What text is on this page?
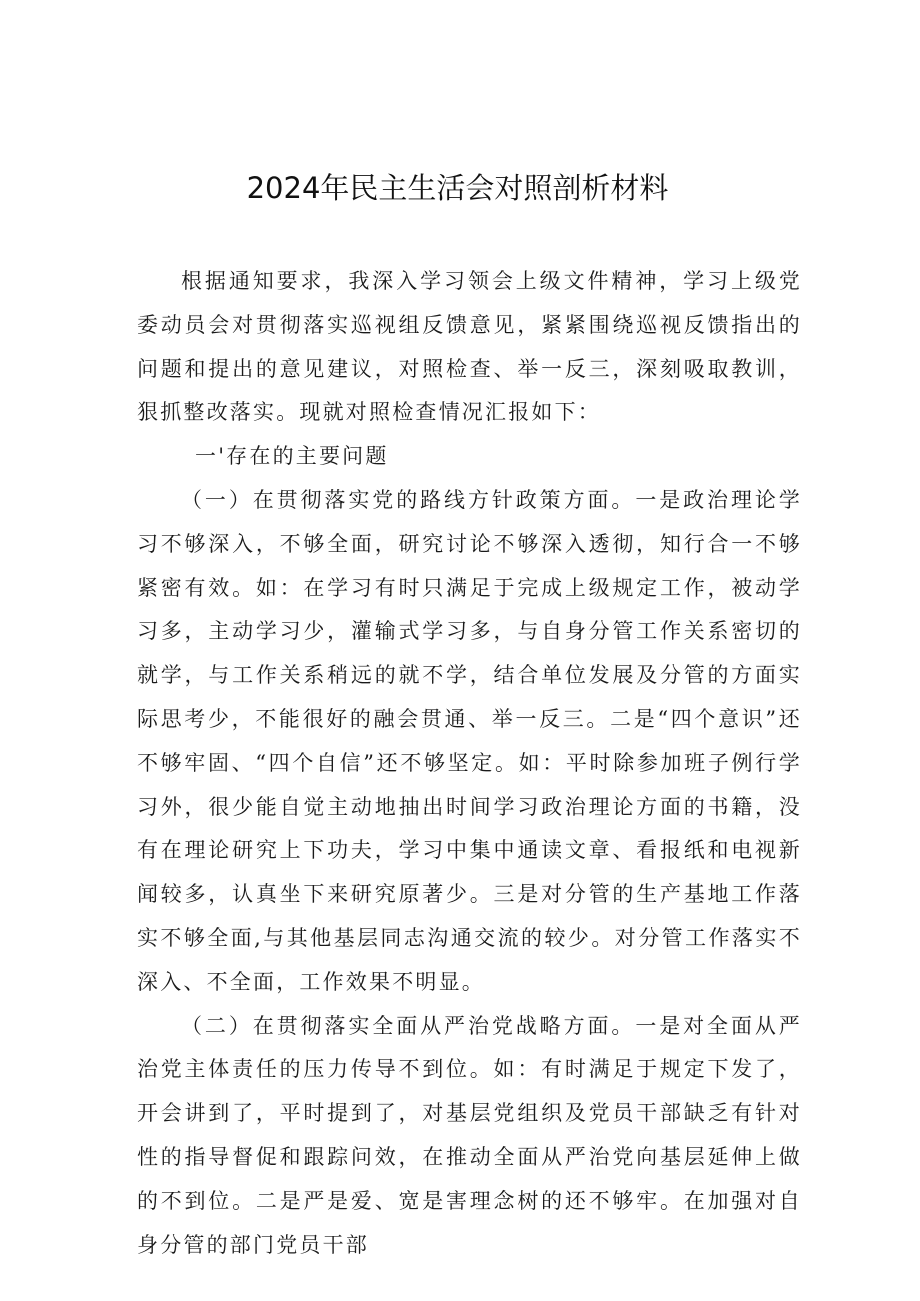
2024年民主生活会对照剖析材料

根据通知要求，我深入学习领会上级文件精神，学习上级党委动员会对贯彻落实巡视组反馈意见，紧紧围绕巡视反馈指出的问题和提出的意见建议，对照检查、举一反三，深刻吸取教训，狠抓整改落实。现就对照检查情况汇报如下：

一'存在的主要问题

（一）在贯彻落实党的路线方针政策方面。一是政治理论学习不够深入，不够全面，研究讨论不够深入透彻，知行合一不够紧密有效。如：在学习有时只满足于完成上级规定工作，被动学习多，主动学习少，灌输式学习多，与自身分管工作关系密切的就学，与工作关系稍远的就不学，结合单位发展及分管的方面实际思考少，不能很好的融会贯通、举一反三。二是“四个意识”还不够牢固、“四个自信”还不够坚定。如：平时除参加班子例行学习外，很少能自觉主动地抽出时间学习政治理论方面的书籍，没有在理论研究上下功夫，学习中集中通读文章、看报纸和电视新闻较多，认真坐下来研究原著少。三是对分管的生产基地工作落实不够全面,与其他基层同志沟通交流的较少。对分管工作落实不深入、不全面，工作效果不明显。

（二）在贯彻落实全面从严治党战略方面。一是对全面从严治党主体责任的压力传导不到位。如：有时满足于规定下发了，开会讲到了，平时提到了，对基层党组织及党员干部缺乏有针对性的指导督促和跟踪问效，在推动全面从严治党向基层延伸上做的不到位。二是严是爱、宽是害理念树的还不够牢。在加强对自身分管的部门党员干部
